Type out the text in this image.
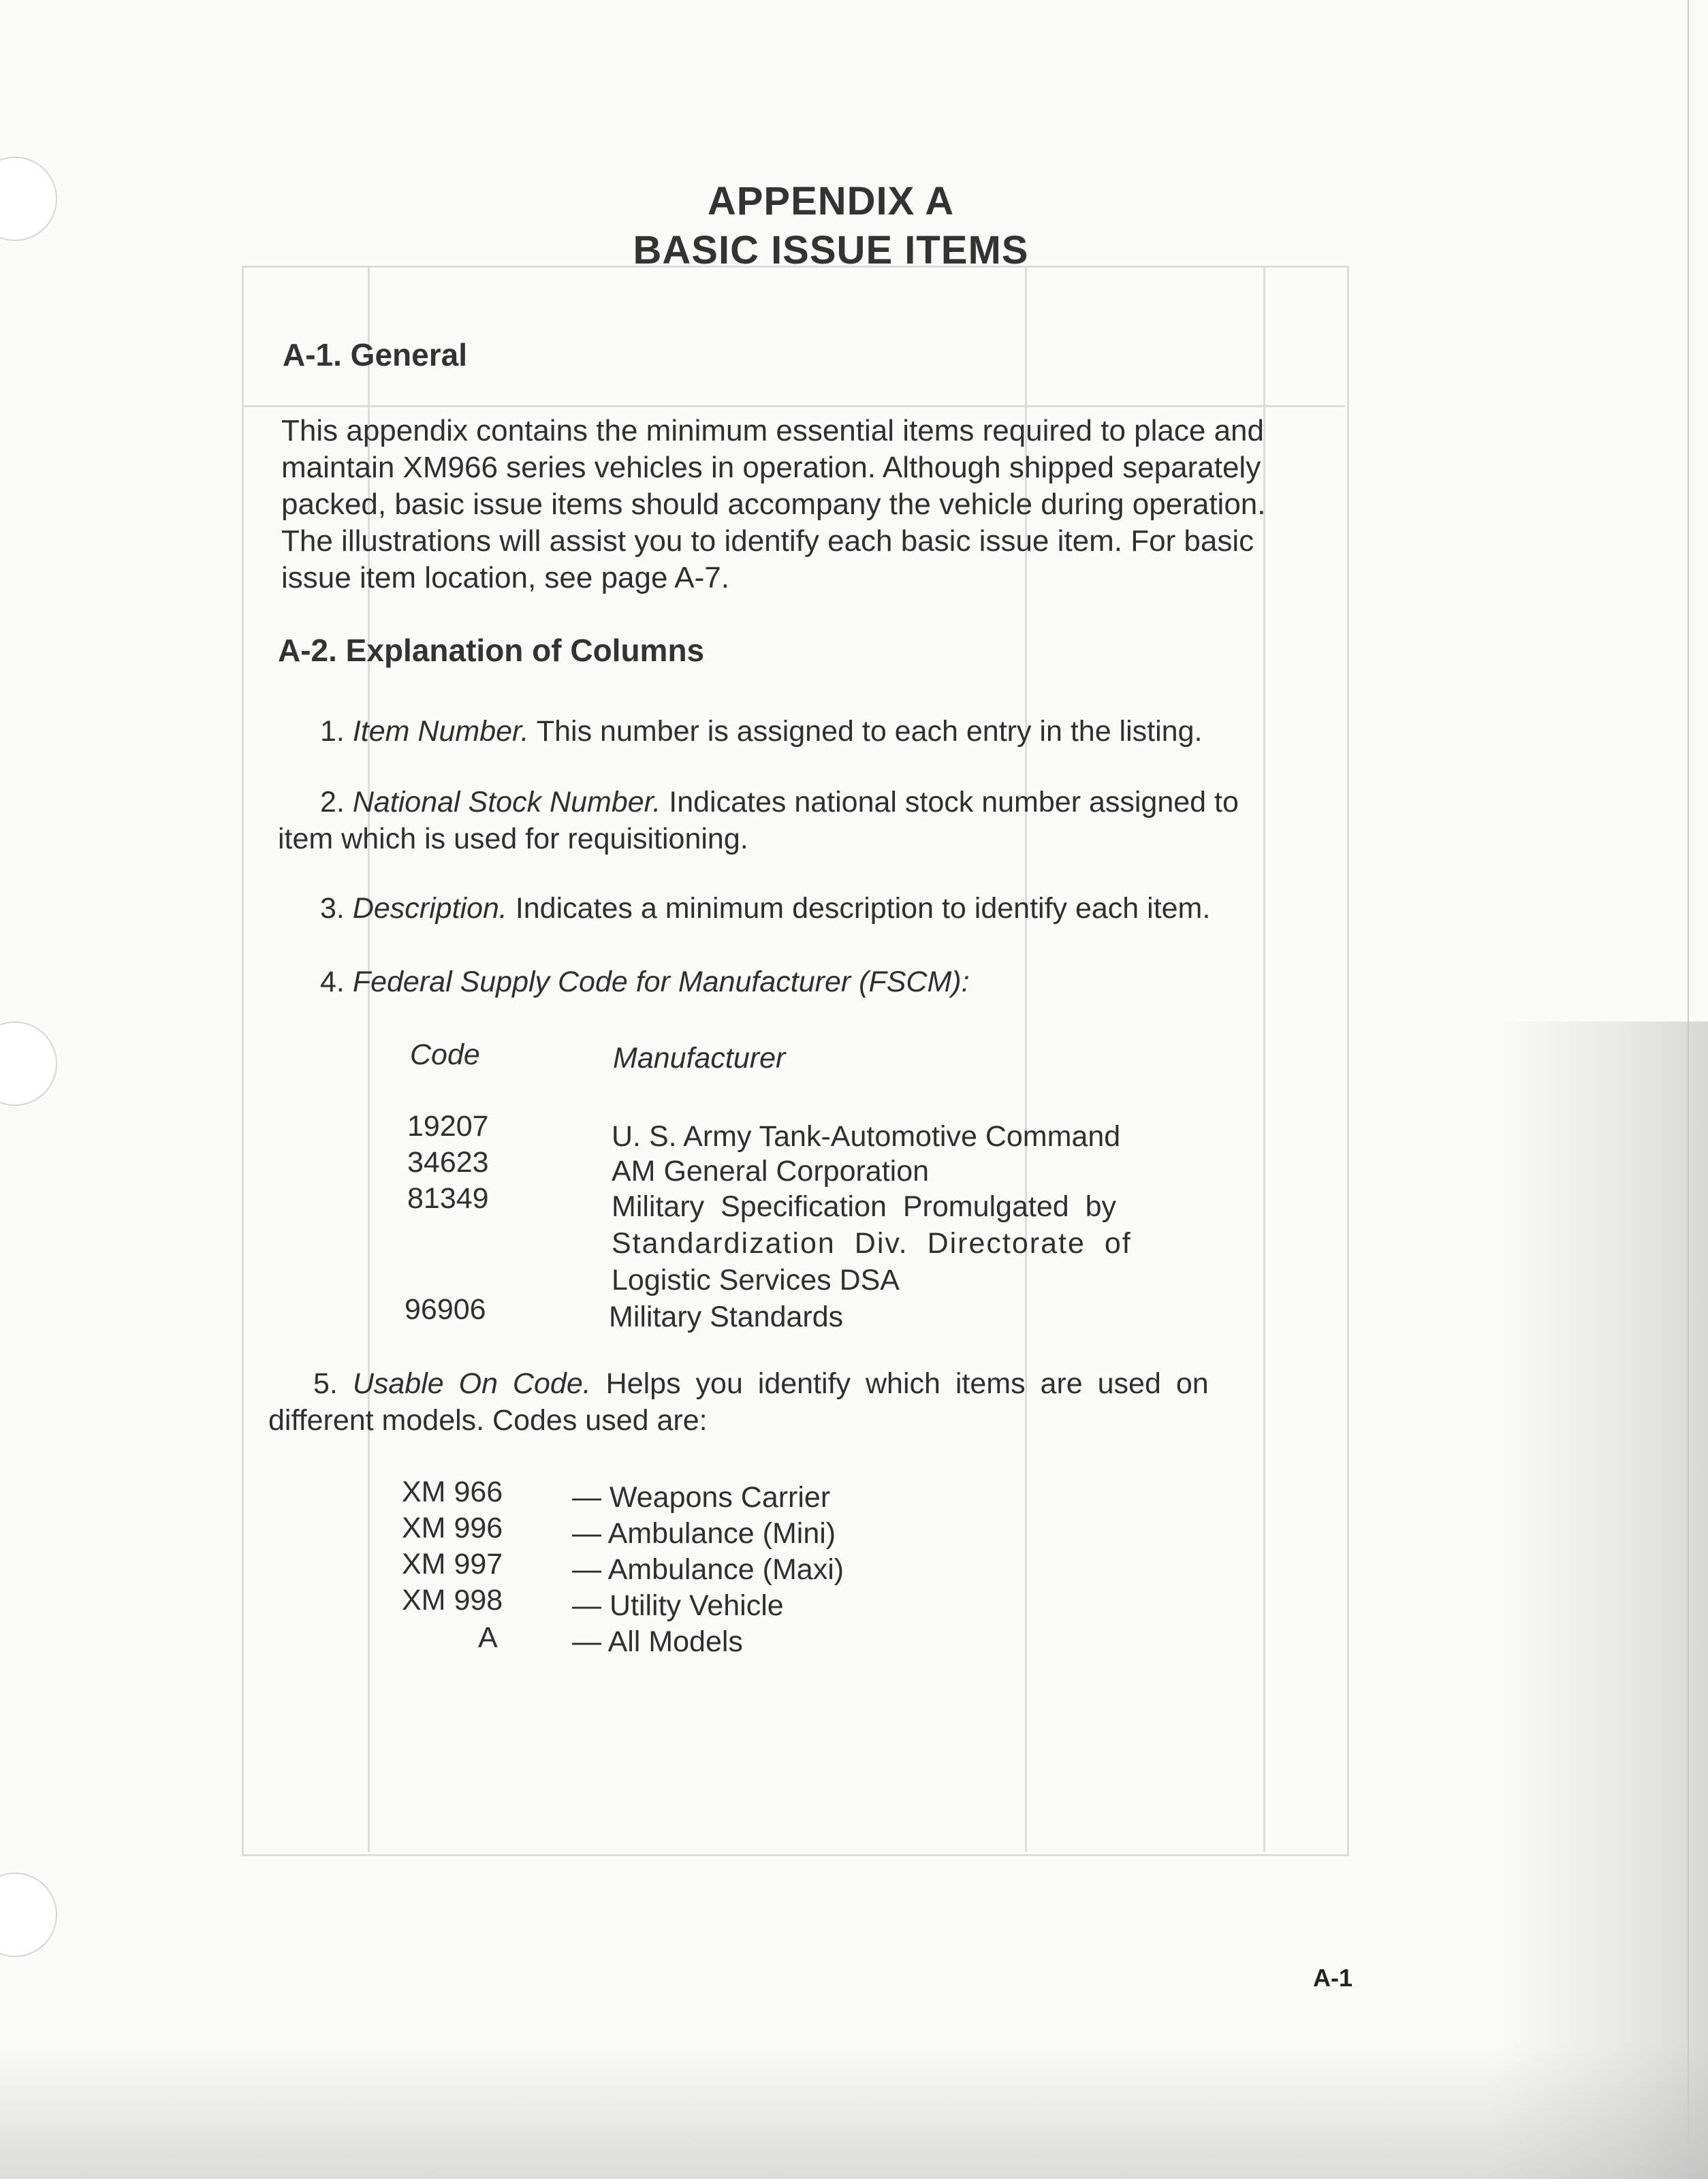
APPENDIX A
BASIC ISSUE ITEMS
A-1. General
This appendix contains the minimum essential items required to place and
maintain XM966 series vehicles in operation. Although shipped separately
packed, basic issue items should accompany the vehicle during operation.
The illustrations will assist you to identify each basic issue item. For basic
issue item location, see page A-7.
A-2. Explanation of Columns
1. Item Number. This number is assigned to each entry in the listing.
2. National Stock Number. Indicates national stock number assigned to
item which is used for requisitioning.
3. Description. Indicates a minimum description to identify each item.
4. Federal Supply Code for Manufacturer (FSCM):
Code	Manufacturer
19207	U. S. Army Tank-Automotive Command
34623	AM General Corporation
81349	Military Specification Promulgated by
Standardization Div. Directorate of
Logistic Services DSA
96906	Military Standards
5. Usable On Code. Helps you identify which items are used on
different models. Codes used are:
XM 966 — Weapons Carrier
XM 996 — Ambulance (Mini)
XM 997 — Ambulance (Maxi)
XM 998 — Utility Vehicle
A	— All Models
A-1
